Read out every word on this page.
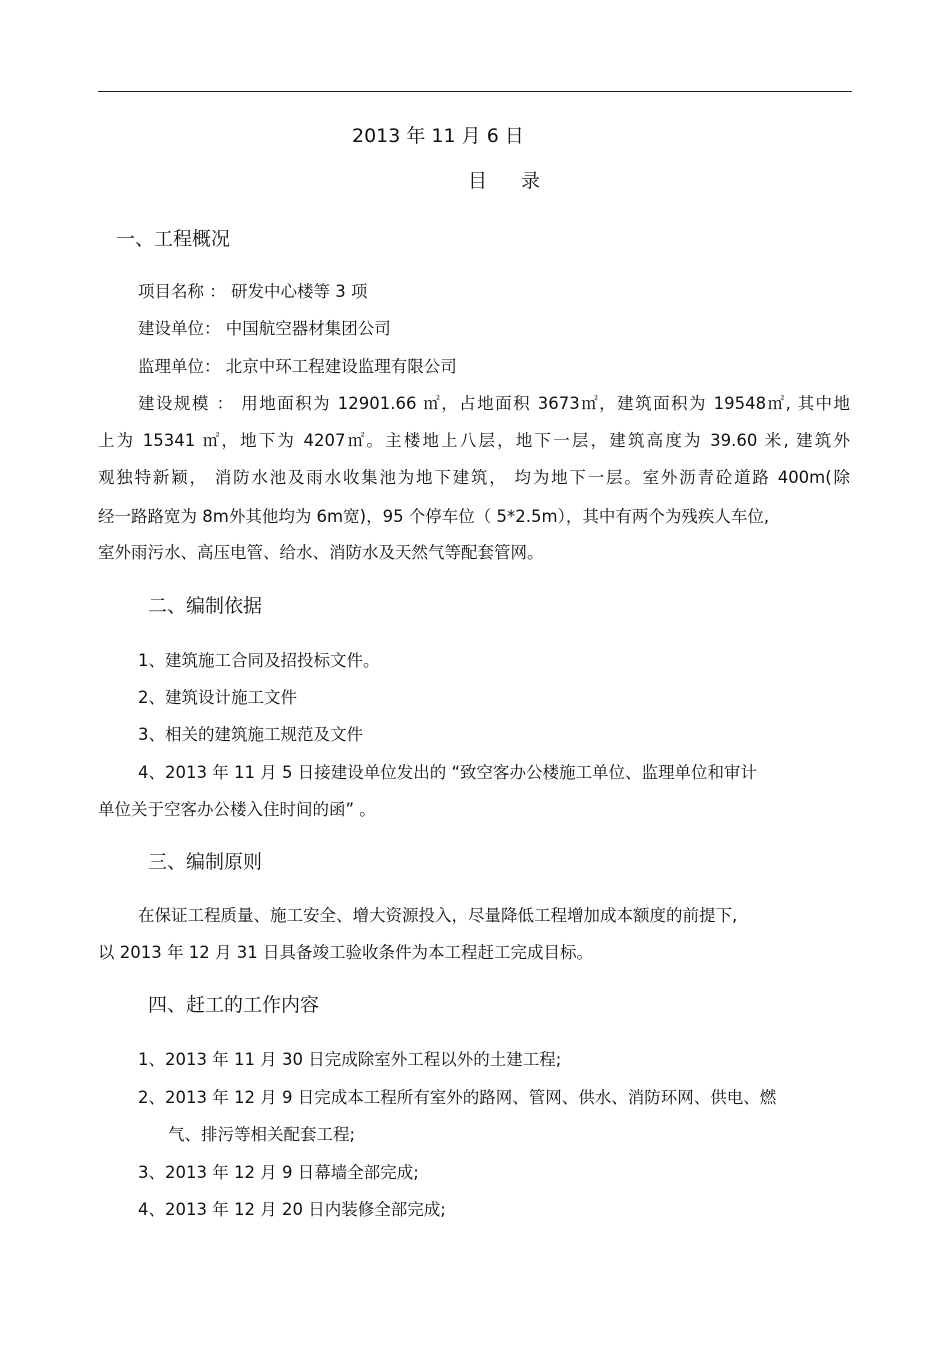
2013 年 11 月 6 日
目 录
一、工程概况
项目名称 ： 研发中心楼等 3 项
建设单位： 中国航空器材集团公司
监理单位： 北京中环工程建设监理有限公司
建设规模 ： 用地面积为 12901.66 ㎡，占地面积 3673㎡，建筑面积为 19548㎡, 其中地
上为 15341 ㎡，地下为 4207㎡。主楼地上八层，地下一层，建筑高度为 39.60 米, 建筑外
观独特新颖， 消防水池及雨水收集池为地下建筑， 均为地下一层。室外沥青砼道路 400m(除
经一路路宽为 8m外其他均为 6m宽)，95 个停车位（ 5*2.5m），其中有两个为残疾人车位,
室外雨污水、高压电管、给水、消防水及天然气等配套管网。
二、编制依据
1、建筑施工合同及招投标文件。
2、建筑设计施工文件
3、相关的建筑施工规范及文件
4、2013 年 11 月 5 日接建设单位发出的 “致空客办公楼施工单位、监理单位和审计
单位关于空客办公楼入住时间的函” 。
三、编制原则
在保证工程质量、施工安全、增大资源投入，尽量降低工程增加成本额度的前提下,
以 2013 年 12 月 31 日具备竣工验收条件为本工程赶工完成目标。
四、赶工的工作内容
1、2013 年 11 月 30 日完成除室外工程以外的土建工程;
2、2013 年 12 月 9 日完成本工程所有室外的路网、管网、供水、消防环网、供电、燃
气、排污等相关配套工程;
3、2013 年 12 月 9 日幕墙全部完成;
4、2013 年 12 月 20 日内装修全部完成;
